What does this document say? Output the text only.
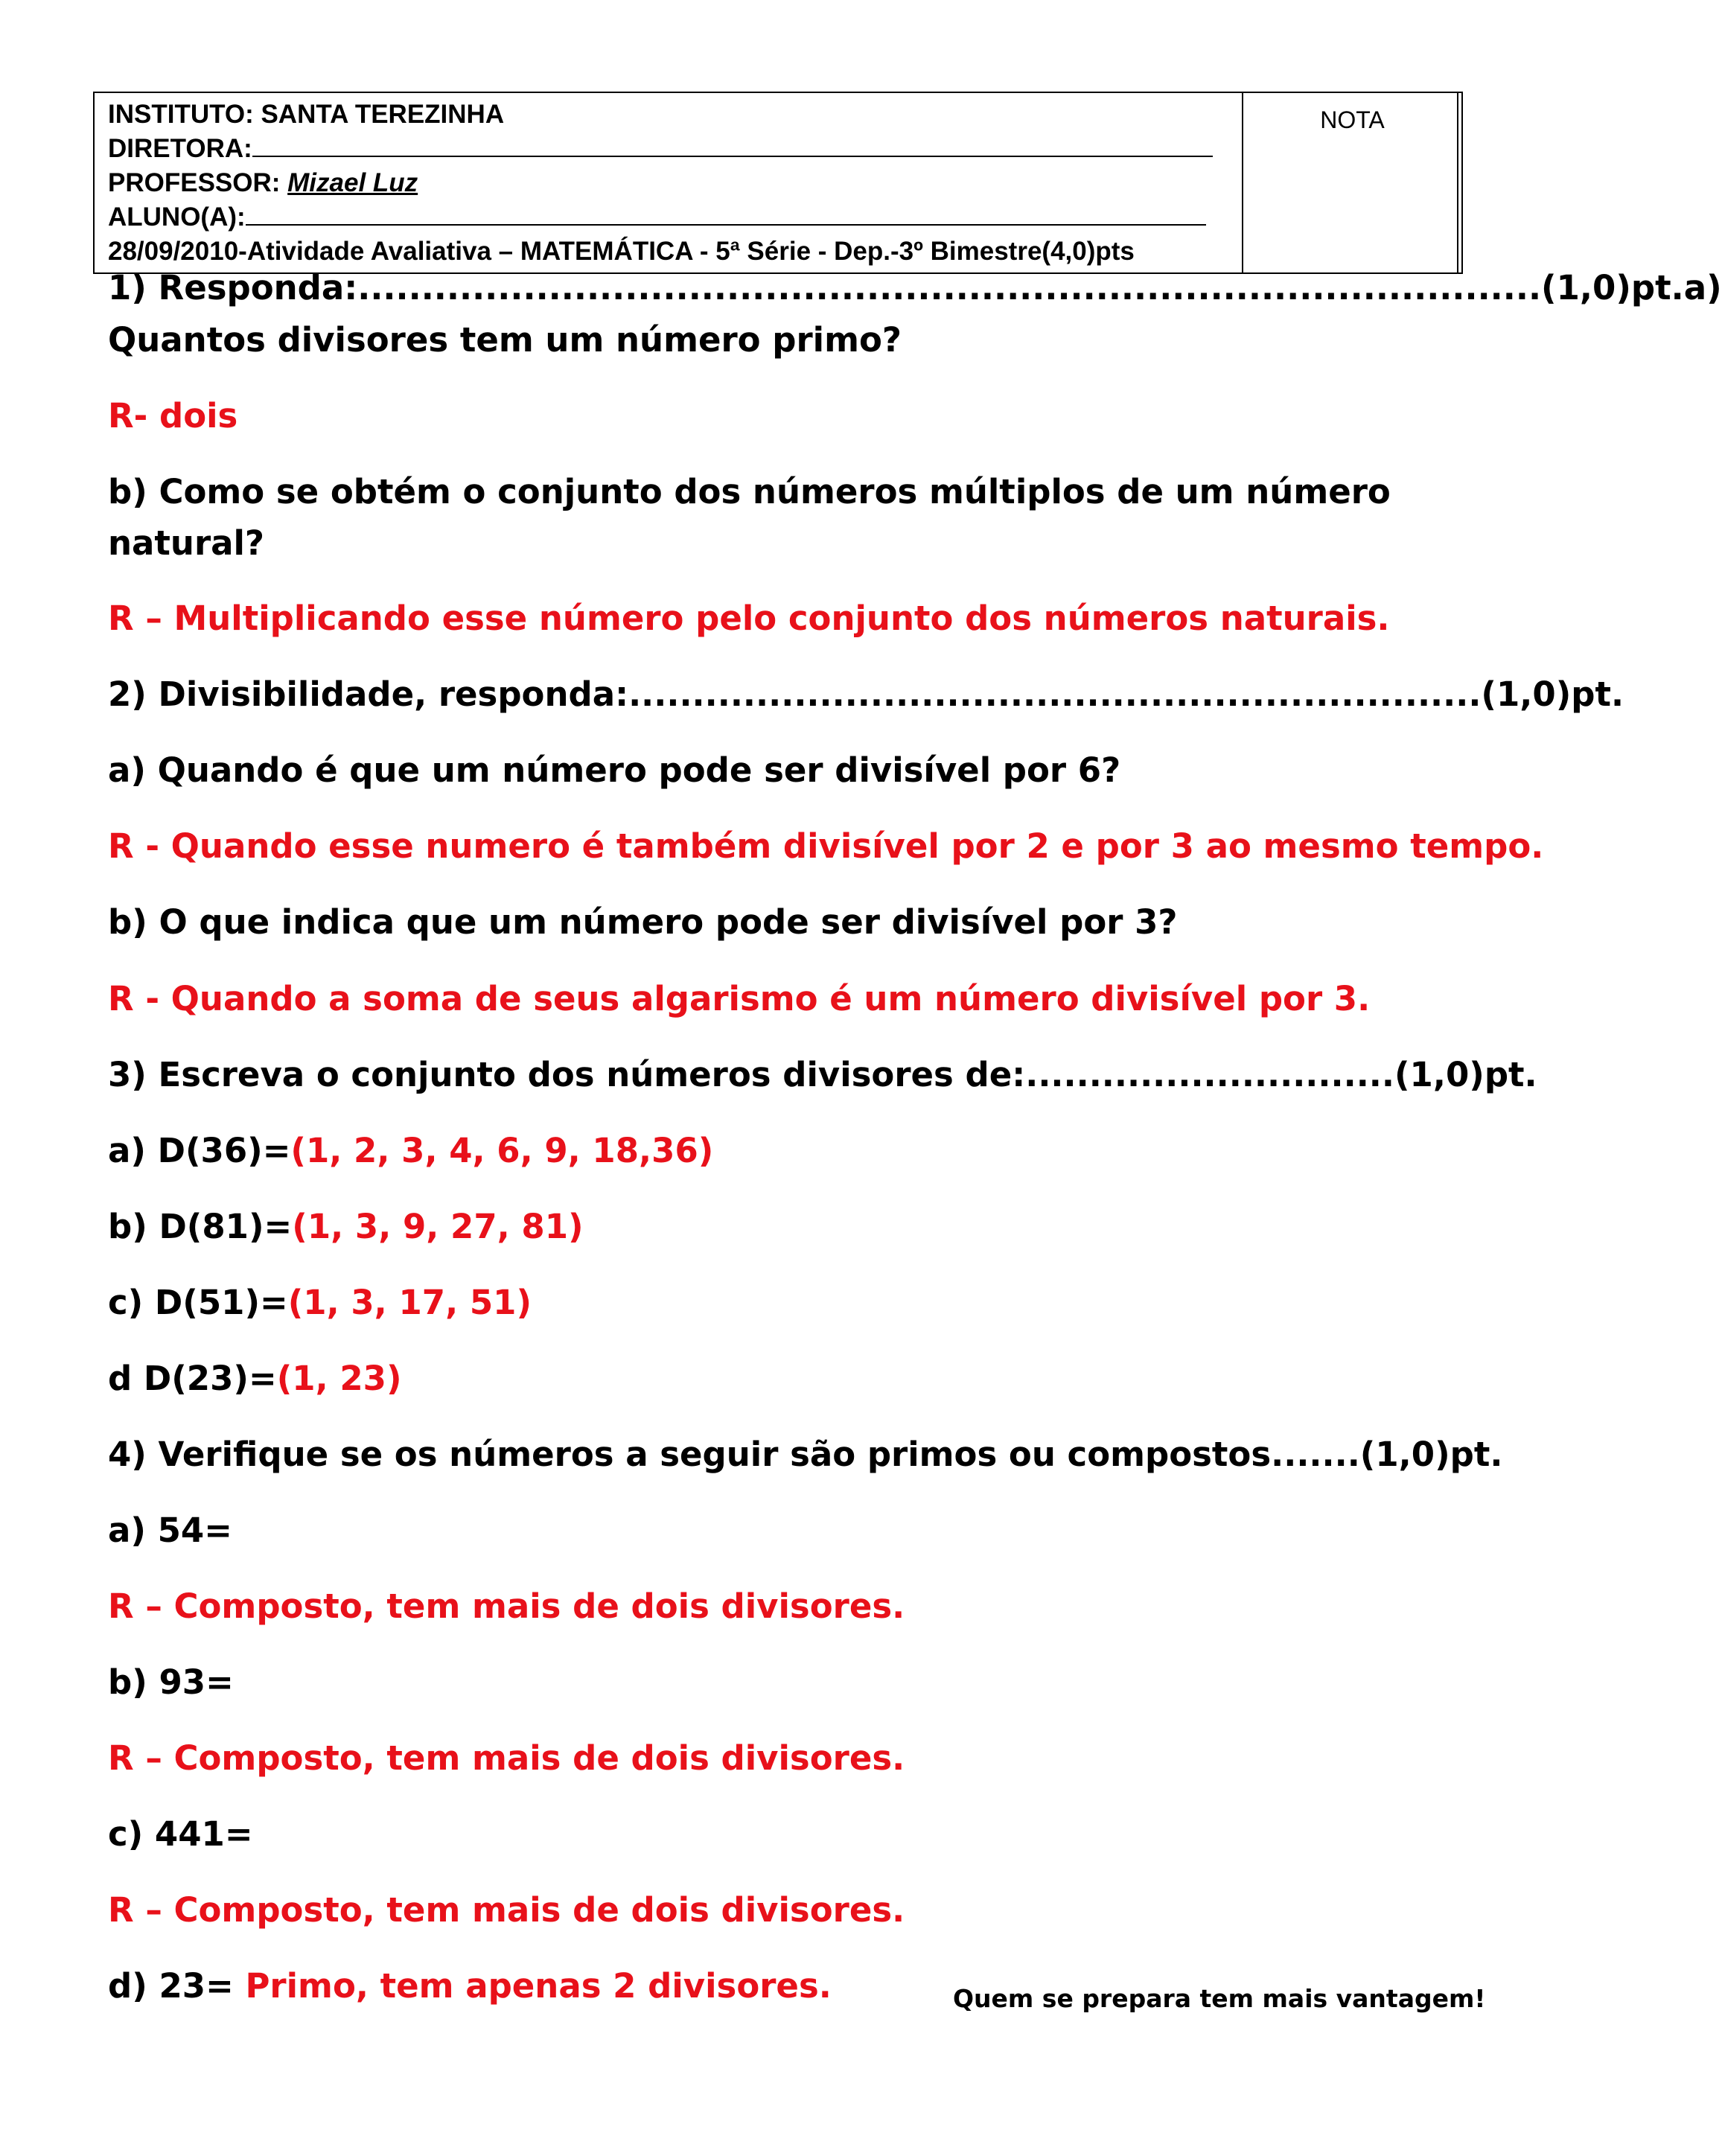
INSTITUTO: SANTA TEREZINHA
DIRETORA:
PROFESSOR: Mizael Luz
ALUNO(A):
28/09/2010-Atividade Avaliativa – MATEMÁTICA - 5ª Série - Dep.-3º Bimestre(4,0)pts
NOTA
1) Responda:.............................................................................................(1,0)pt.a)
Quantos divisores tem um número primo?
R- dois
b) Como se obtém o conjunto dos números múltiplos de um número
natural?
R – Multiplicando esse número pelo conjunto dos números naturais.
2) Divisibilidade, responda:...................................................................(1,0)pt.
a) Quando é que um número pode ser divisível por 6?
R - Quando esse numero é também divisível por 2 e por 3 ao mesmo tempo.
b) O que indica que um número pode ser divisível por 3?
R - Quando a soma de seus algarismo é um número divisível por 3.
3) Escreva o conjunto dos números divisores de:.............................(1,0)pt.
a) D(36)=(1, 2, 3, 4, 6, 9, 18,36)
b) D(81)=(1, 3, 9, 27, 81)
c) D(51)=(1, 3, 17, 51)
d D(23)=(1, 23)
4) Verifique se os números a seguir são primos ou compostos.......(1,0)pt.
a) 54=
R – Composto, tem mais de dois divisores.
b) 93=
R – Composto, tem mais de dois divisores.
c) 441=
R – Composto, tem mais de dois divisores.
d) 23= Primo, tem apenas 2 divisores.	Quem se prepara tem mais vantagem!
